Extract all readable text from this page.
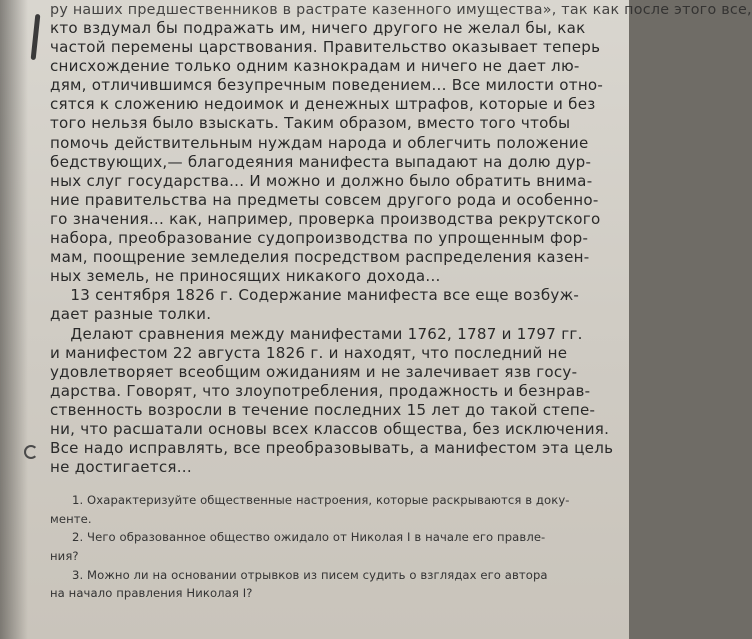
ру наших предшественников в растрате казенного имущества», так как после этого все,
кто вздумал бы подражать им, ничего другого не желал бы, как
частой перемены царствования. Правительство оказывает теперь
снисхождение только одним казнокрадам и ничего не дает лю-
дям, отличившимся безупречным поведением... Все милости отно-
сятся к сложению недоимок и денежных штрафов, которые и без
того нельзя было взыскать. Таким образом, вместо того чтобы
помочь действительным нуждам народа и облегчить положение
бедствующих,— благодеяния манифеста выпадают на долю дур-
ных слуг государства... И можно и должно было обратить внима-
ние правительства на предметы совсем другого рода и особенно-
го значения... как, например, проверка производства рекрутского
набора, преобразование судопроизводства по упрощенным фор-
мам, поощрение земледелия посредством распределения казен-
ных земель, не приносящих никакого дохода...
13 сентября 1826 г. Содержание манифеста все еще возбуж-
дает разные толки.
Делают сравнения между манифестами 1762, 1787 и 1797 гг.
и манифестом 22 августа 1826 г. и находят, что последний не
удовлетворяет всеобщим ожиданиям и не залечивает язв госу-
дарства. Говорят, что злоупотребления, продажность и безнрав-
ственность возросли в течение последних 15 лет до такой степе-
ни, что расшатали основы всех классов общества, без исключения.
Все надо исправлять, все преобразовывать, а манифестом эта цель
не достигается...
1. Охарактеризуйте общественные настроения, которые раскрываются в доку-
менте.
2. Чего образованное общество ожидало от Николая I в начале его правле-
ния?
3. Можно ли на основании отрывков из писем судить о взглядах его автора
на начало правления Николая I?
